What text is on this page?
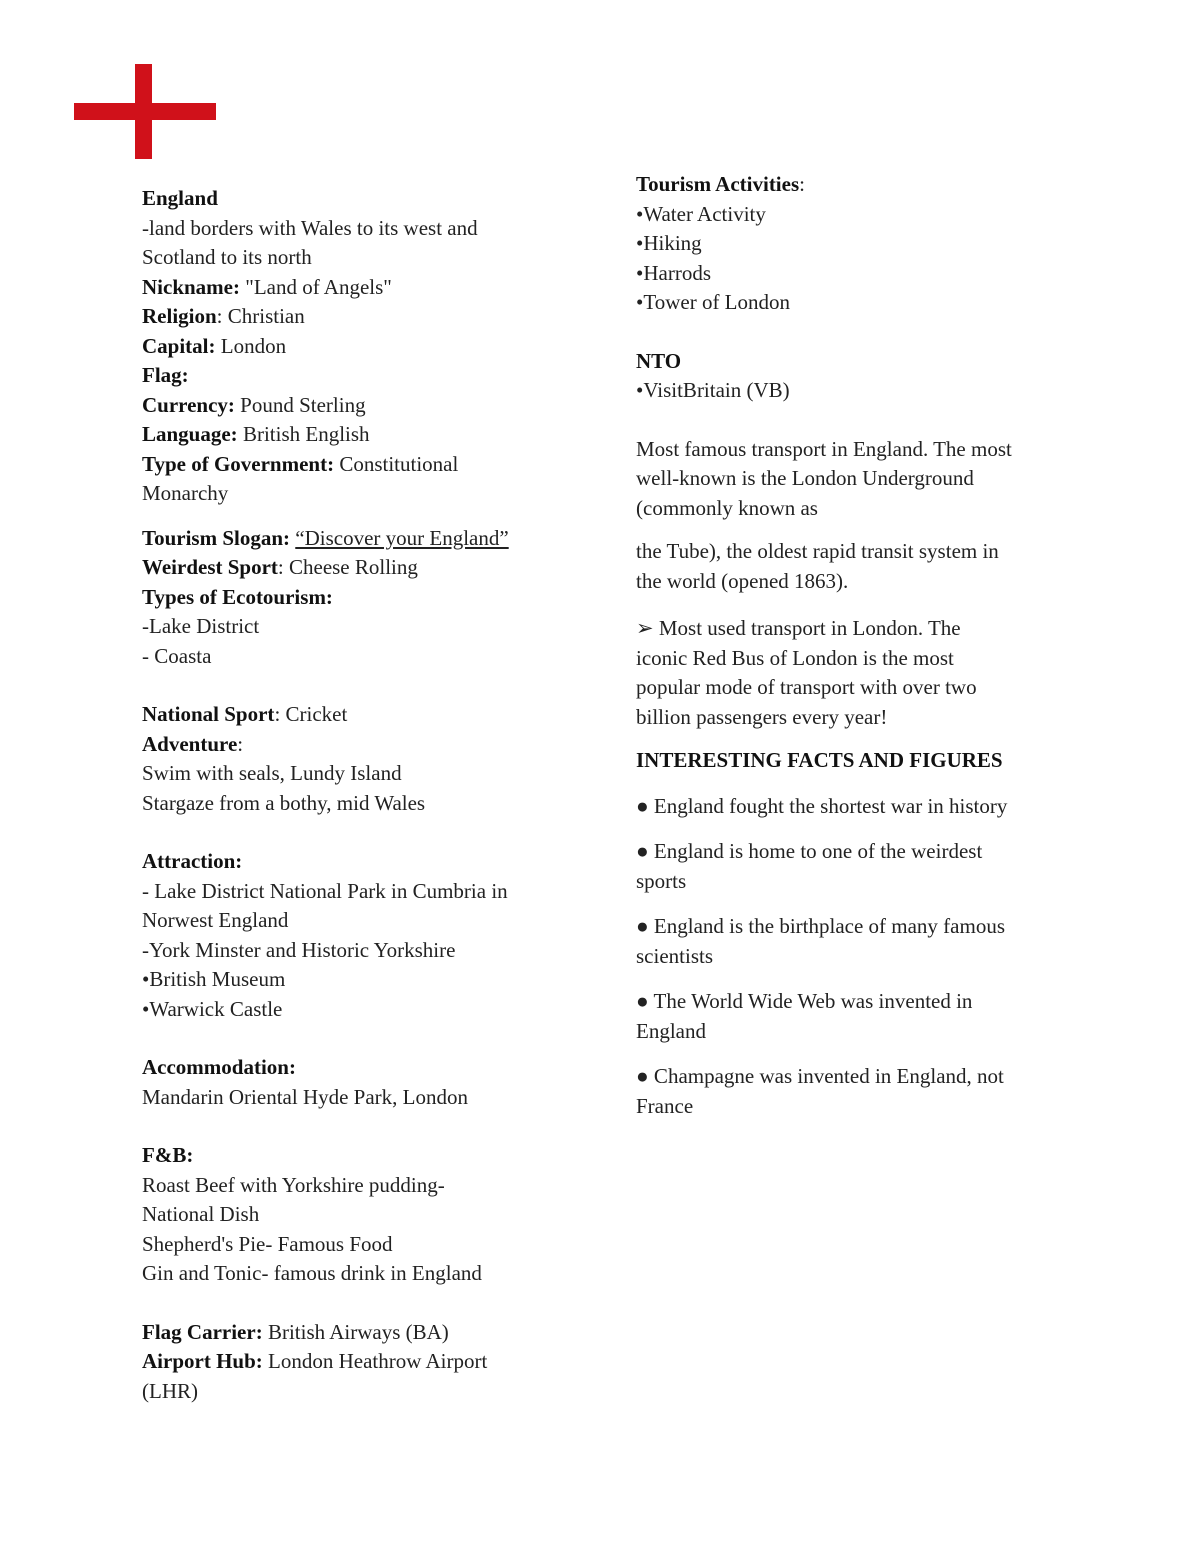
England
-land borders with Wales to its west and
Scotland to its north
Nickname: "Land of Angels"
Religion: Christian
Capital: London
Flag:
Currency: Pound Sterling
Language: British English
Type of Government: Constitutional
Monarchy
Tourism Slogan: “Discover your England”
Weirdest Sport: Cheese Rolling
Types of Ecotourism:
-Lake District
- Coasta
National Sport: Cricket
Adventure:
Swim with seals, Lundy Island
Stargaze from a bothy, mid Wales
Attraction:
- Lake District National Park in Cumbria in
Norwest England
-York Minster and Historic Yorkshire
•British Museum
•Warwick Castle
Accommodation:
Mandarin Oriental Hyde Park, London
F&B:
Roast Beef with Yorkshire pudding-
National Dish
Shepherd's Pie- Famous Food
Gin and Tonic- famous drink in England
Flag Carrier: British Airways (BA)
Airport Hub: London Heathrow Airport
(LHR)
Tourism Activities:
•Water Activity
•Hiking
•Harrods
•Tower of London
NTO
•VisitBritain (VB)
Most famous transport in England. The most
well-known is the London Underground
(commonly known as
the Tube), the oldest rapid transit system in
the world (opened 1863).
➢ Most used transport in London. The
iconic Red Bus of London is the most
popular mode of transport with over two
billion passengers every year!
INTERESTING FACTS AND FIGURES
● England fought the shortest war in history
● England is home to one of the weirdest
sports
● England is the birthplace of many famous
scientists
● The World Wide Web was invented in
England
● Champagne was invented in England, not
France
